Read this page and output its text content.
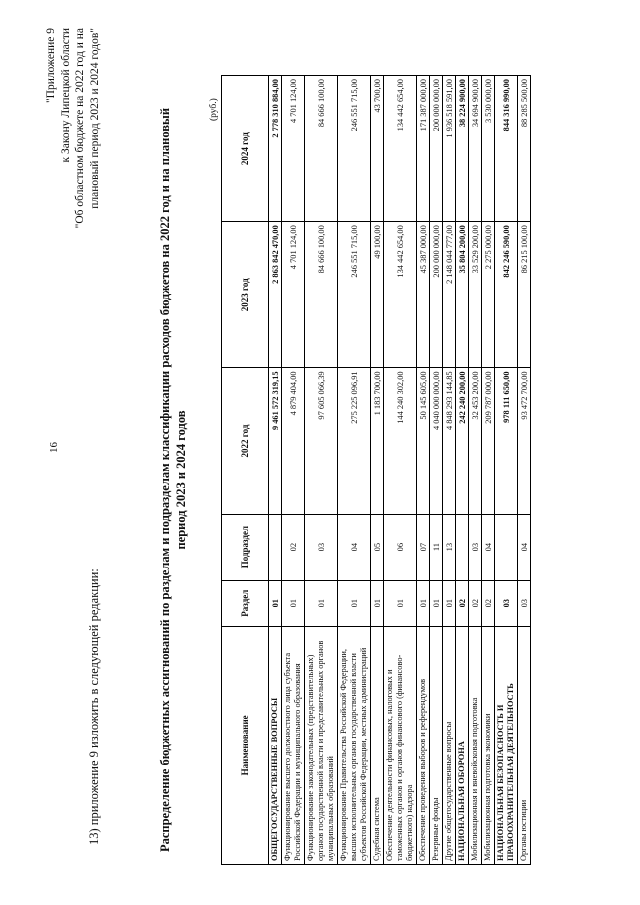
16
13) приложение 9 изложить в следующей редакции:
"Приложение 9 к Закону Липецкой области "Об областном бюджете на 2022 год и на плановый период 2023 и 2024 годов"	Распределение бюджетных ассигнований по разделам и подразделам классификации расходов бюджетов на 2022 год и на плановый период 2023 и 2024 годов
(руб.)
Наименование	Раздел	Подраздел	2022 год	2023 год	2024 год
ОБЩЕГОСУДАРСТВЕННЫЕ ВОПРОСЫ	01		9 461 572 319,15	2 863 842 470,00	2 778 310 884,00
Функционирование высшего должностного лица субъекта Российской Федерации и муниципального образования	01	02	4 879 404,00	4 701 124,00	4 701 124,00
Функционирование законодательных (представительных) органов государственной власти и представительных органов муниципальных образований	01	03	97 605 066,39	84 666 100,00	84 666 100,00
Функционирование Правительства Российской Федерации, высших исполнительных органов государственной власти субъектов Российской Федерации, местных администраций	01	04	275 225 096,91	246 551 715,00	246 551 715,00
Судебная система	01	05	1 183 700,00	49 100,00	43 700,00
Обеспечение деятельности финансовых, налоговых и таможенных органов и органов финансового (финансово-бюджетного) надзора	01	06	144 240 302,00	134 442 654,00	134 442 654,00
Обеспечение проведения выборов и референдумов	01	07	50 145 605,00	45 387 000,00	171 387 000,00
Резервные фонды	01	11	4 040 000 000,00	200 000 000,00	200 000 000,00
Другие общегосударственные вопросы	01	13	4 848 293 144,85	2 148 044 777,00	1 936 518 591,00
НАЦИОНАЛЬНАЯ ОБОРОНА	02		242 240 200,00	35 804 200,00	38 224 900,00
Мобилизационная и вневойсковая подготовка	02	03	32 453 200,00	33 529 200,00	34 694 900,00
Мобилизационная подготовка экономики	02	04	209 787 000,00	2 275 000,00	3 530 000,00
НАЦИОНАЛЬНАЯ БЕЗОПАСНОСТЬ И ПРАВООХРАНИТЕЛЬНАЯ ДЕЯТЕЛЬНОСТЬ	03		978 111 650,00	842 246 590,00	844 316 990,00
Органы юстиции	03	04	93 472 700,00	86 215 100,00	88 285 500,00
